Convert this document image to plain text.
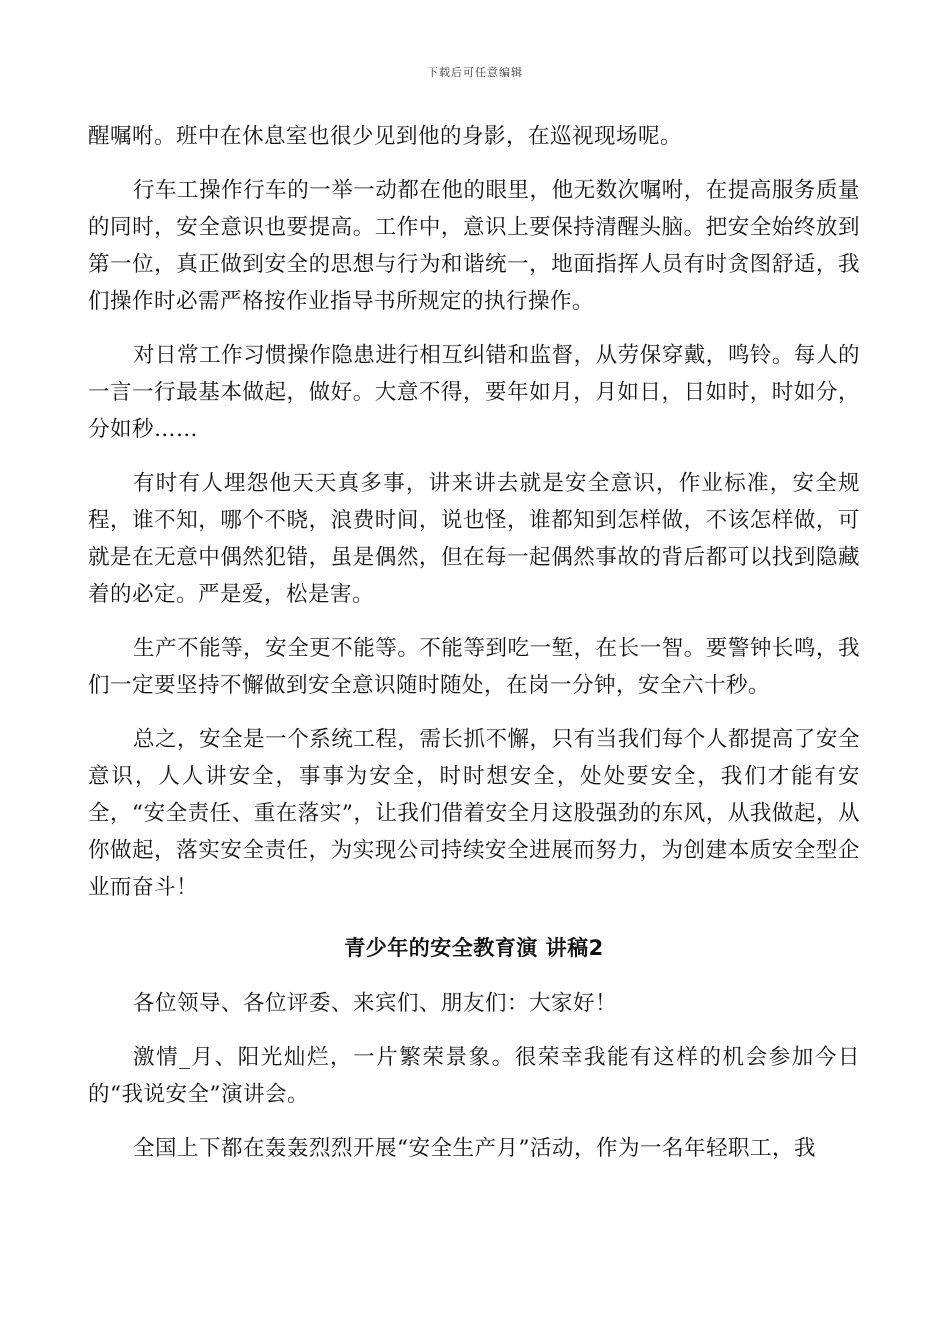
下载后可任意编辑

醒嘱咐。班中在休息室也很少见到他的身影，在巡视现场呢。

行车工操作行车的一举一动都在他的眼里，他无数次嘱咐，在提高服务质量的同时，安全意识也要提高。工作中，意识上要保持清醒头脑。把安全始终放到第一位，真正做到安全的思想与行为和谐统一，地面指挥人员有时贪图舒适，我们操作时必需严格按作业指导书所规定的执行操作。

对日常工作习惯操作隐患进行相互纠错和监督，从劳保穿戴，鸣铃。每人的一言一行最基本做起，做好。大意不得，要年如月，月如日，日如时，时如分，分如秒……

有时有人埋怨他天天真多事，讲来讲去就是安全意识，作业标准，安全规程，谁不知，哪个不晓，浪费时间，说也怪，谁都知到怎样做，不该怎样做，可就是在无意中偶然犯错，虽是偶然，但在每一起偶然事故的背后都可以找到隐藏着的必定。严是爱，松是害。

生产不能等，安全更不能等。不能等到吃一堑，在长一智。要警钟长鸣，我们一定要坚持不懈做到安全意识随时随处，在岗一分钟，安全六十秒。

总之，安全是一个系统工程，需长抓不懈，只有当我们每个人都提高了安全意识，人人讲安全，事事为安全，时时想安全，处处要安全，我们才能有安全，“安全责任、重在落实”，让我们借着安全月这股强劲的东风，从我做起，从你做起，落实安全责任，为实现公司持续安全进展而努力，为创建本质安全型企业而奋斗！

青少年的安全教育演 讲稿2

各位领导、各位评委、来宾们、朋友们：大家好！

激情_月、阳光灿烂，一片繁荣景象。很荣幸我能有这样的机会参加今日的“我说安全”演讲会。

全国上下都在轰轰烈烈开展“安全生产月”活动，作为一名年轻职工，我
